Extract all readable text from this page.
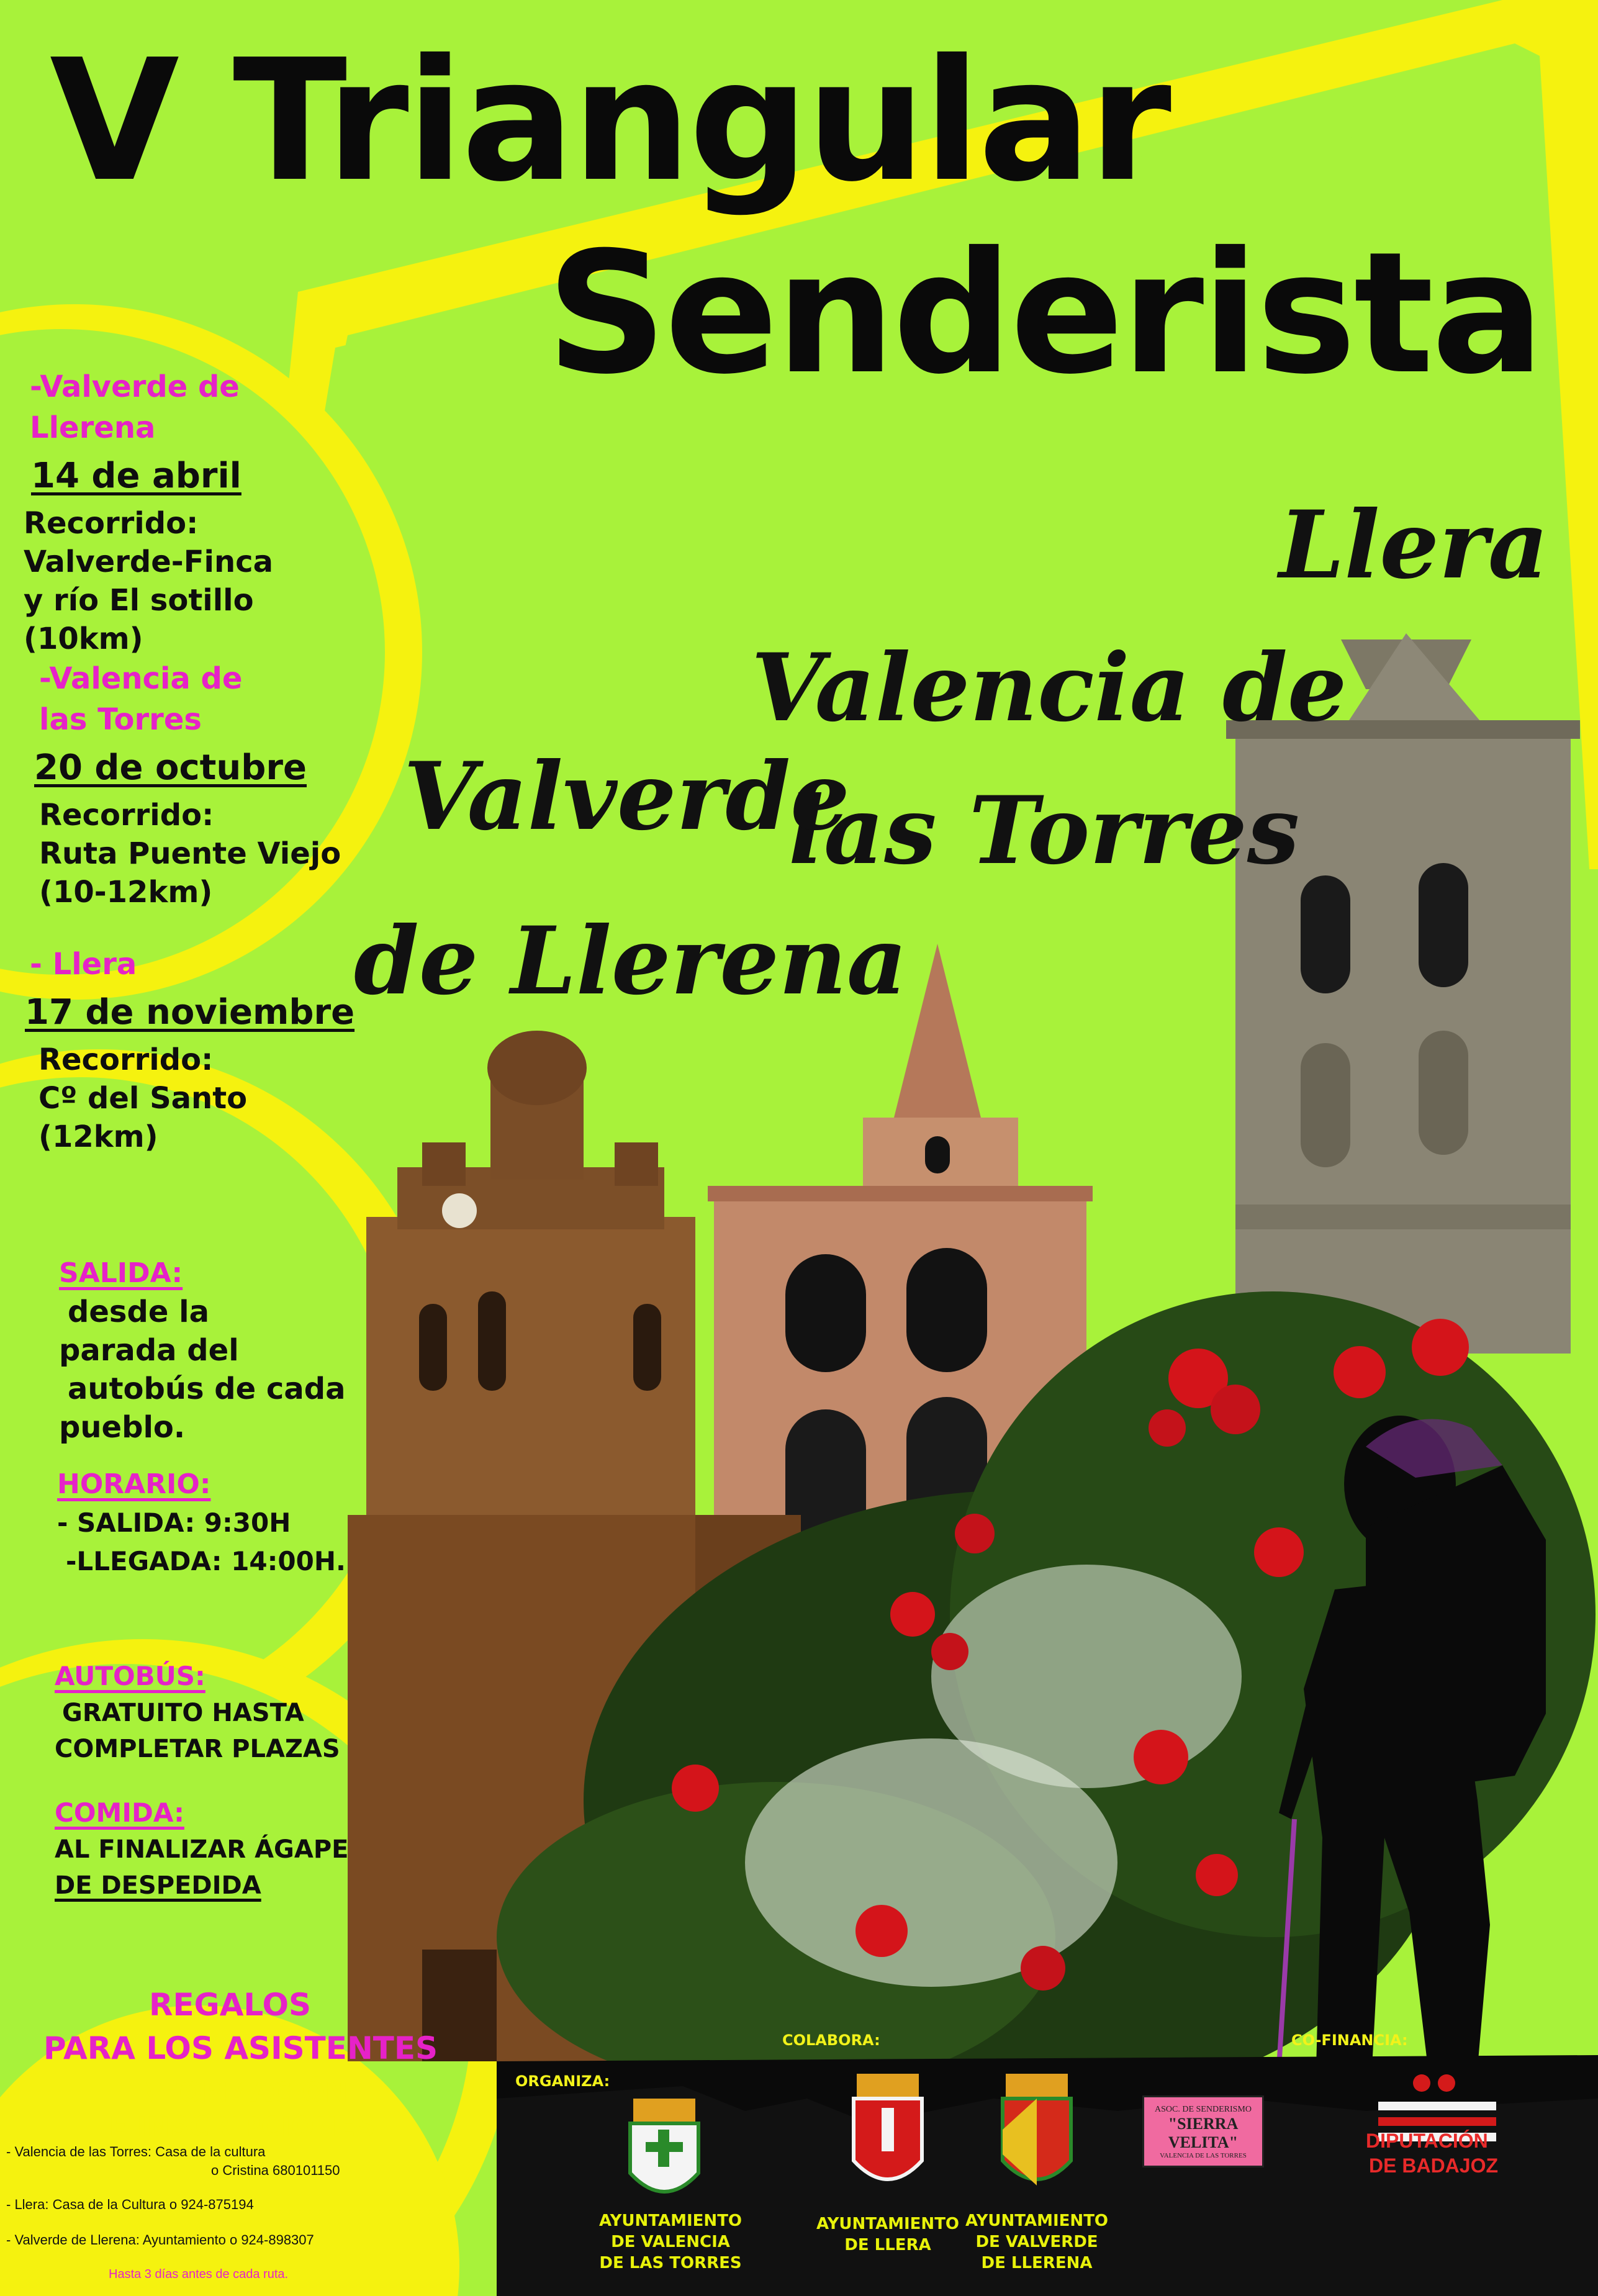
V Triangular
Senderista
Llera
Valencia de
las Torres
Valverde
de Llerena
-Valverde de
Llerena
14 de abril
Recorrido:
Valverde-Finca
y río El sotillo (10km)
-Valencia de
las Torres
20 de octubre
Recorrido:
Ruta Puente Viejo
(10-12km)
- Llera
17 de noviembre
Recorrido:
Cº del Santo
(12km)
SALIDA:
desde la
parada del
autobús de cada
pueblo.
HORARIO:
- SALIDA: 9:30H
-LLEGADA: 14:00H.
AUTOBÚS:
GRATUITO HASTA
COMPLETAR PLAZAS
COMIDA:
AL FINALIZAR ÁGAPE
DE DESPEDIDA
REGALOS
PARA LOS ASISTENTES
INFORMACIÓN
E INSCRIPCIONES
- Valencia de las Torres: Casa de la cultura
o Cristina 680101150
- Llera: Casa de la Cultura o 924-875194
- Valverde de Llerena: Ayuntamiento o 924-898307
Hasta 3 días antes de cada ruta.
ORGANIZA:
COLABORA:	CO-FINANCIA:
AYUNTAMIENTO
DE VALENCIA
DE LAS TORRES
AYUNTAMIENTO
DE LLERA
AYUNTAMIENTO
DE VALVERDE
DE LLERENA
ASOC. DE SENDERISMO
"SIERRA VELITA"
VALENCIA DE LAS TORRES
DIPUTACIÓN
DE BADAJOZ
